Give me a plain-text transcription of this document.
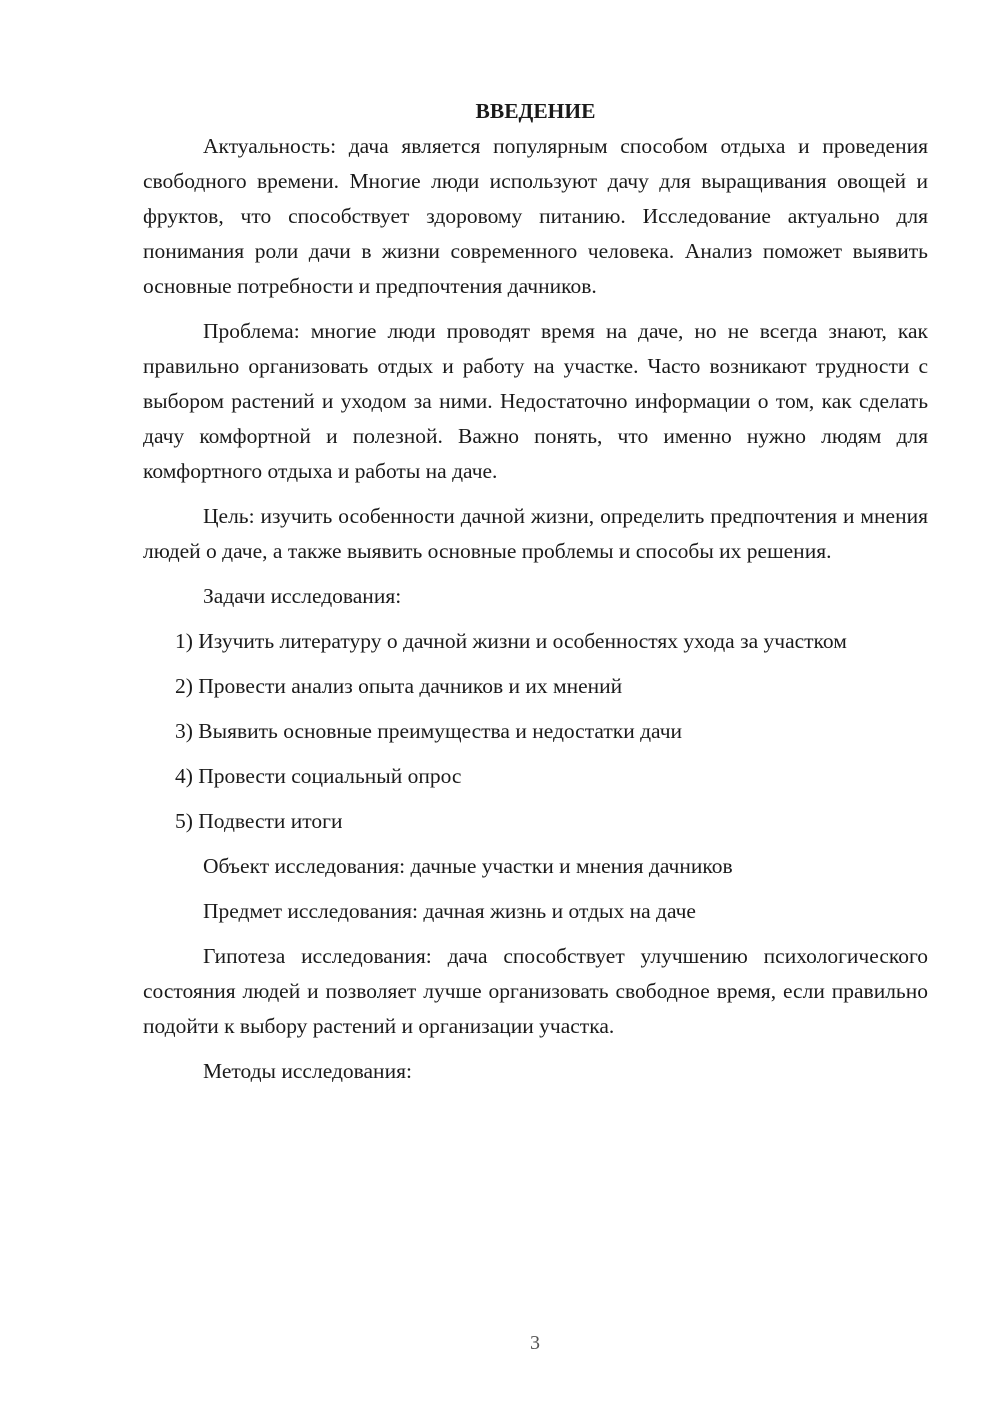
ВВЕДЕНИЕ

Актуальность: дача является популярным способом отдыха и проведения свободного времени. Многие люди используют дачу для выращивания овощей и фруктов, что способствует здоровому питанию. Исследование актуально для понимания роли дачи в жизни современного человека. Анализ поможет выявить основные потребности и предпочтения дачников.

Проблема: многие люди проводят время на даче, но не всегда знают, как правильно организовать отдых и работу на участке. Часто возникают трудности с выбором растений и уходом за ними. Недостаточно информации о том, как сделать дачу комфортной и полезной. Важно понять, что именно нужно людям для комфортного отдыха и работы на даче.

Цель: изучить особенности дачной жизни, определить предпочтения и мнения людей о даче, а также выявить основные проблемы и способы их решения.

Задачи исследования:

1) Изучить литературу о дачной жизни и особенностях ухода за участком

2) Провести анализ опыта дачников и их мнений

3) Выявить основные преимущества и недостатки дачи

4) Провести социальный опрос

5) Подвести итоги

Объект исследования: дачные участки и мнения дачников

Предмет исследования: дачная жизнь и отдых на даче

Гипотеза исследования: дача способствует улучшению психологического состояния людей и позволяет лучше организовать свободное время, если правильно подойти к выбору растений и организации участка.

Методы исследования:

3
